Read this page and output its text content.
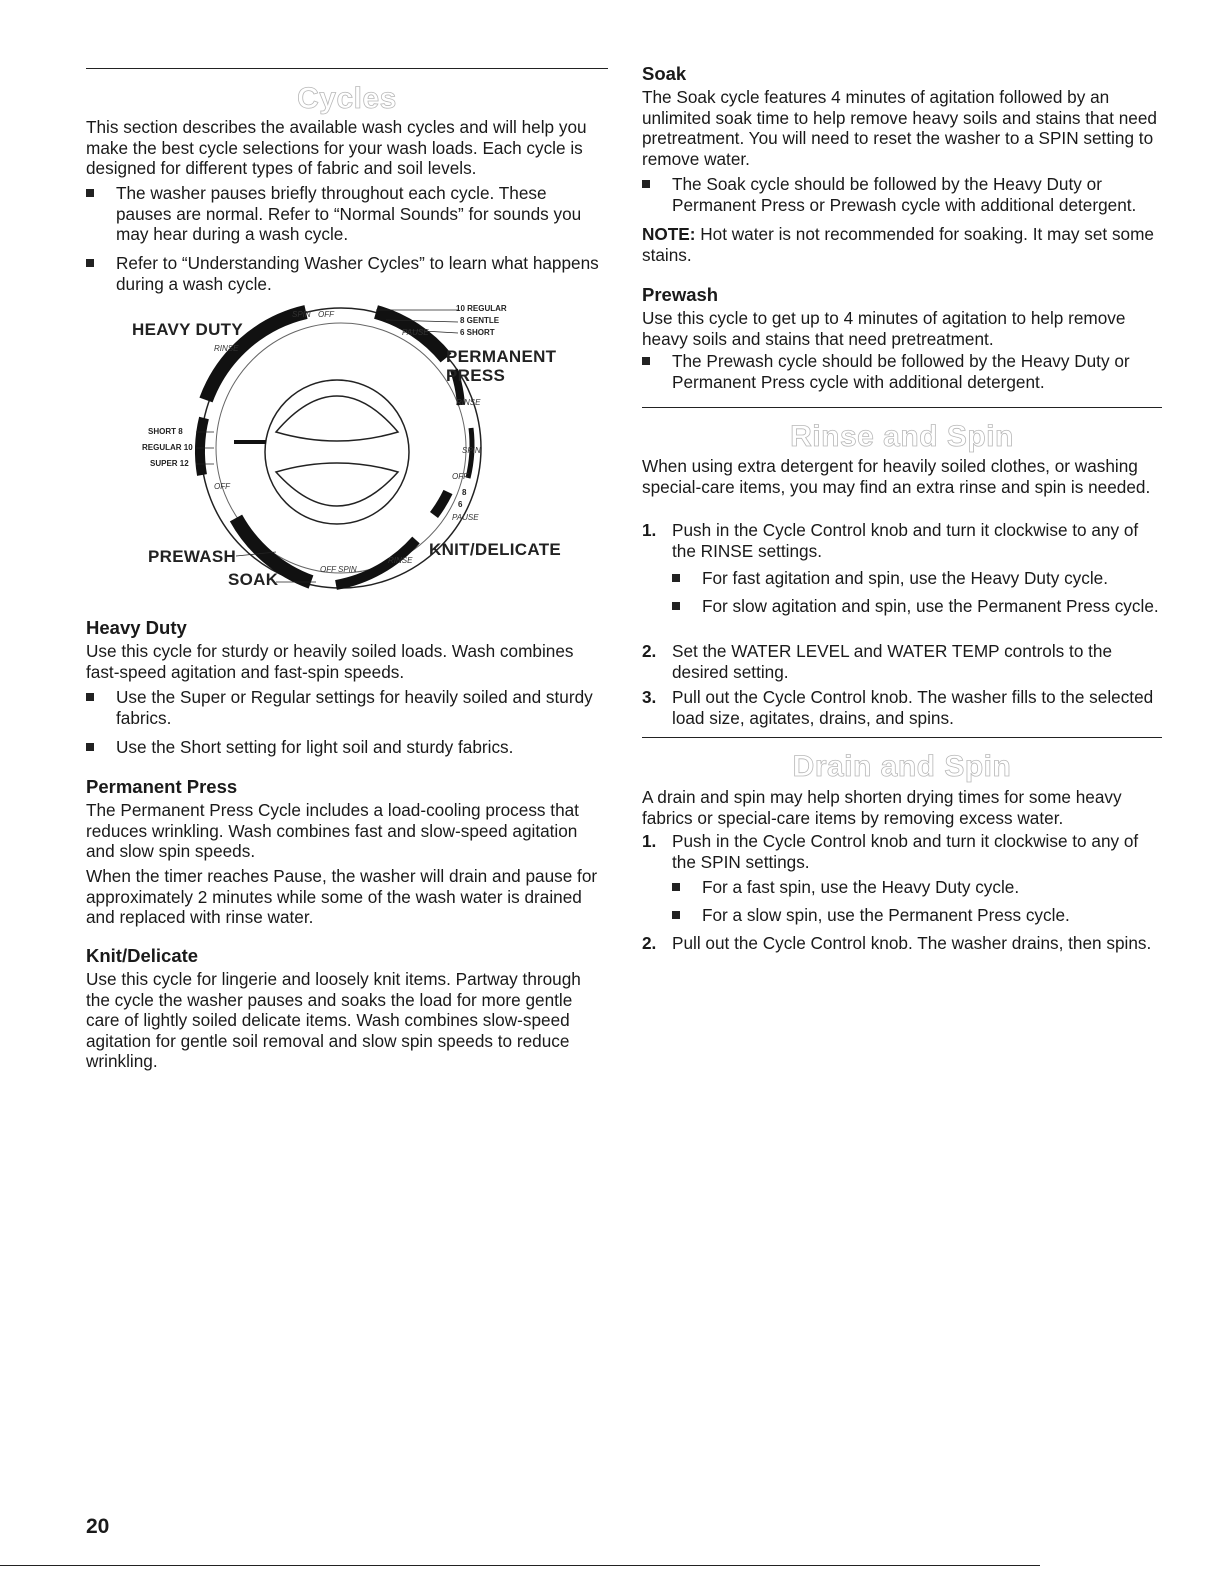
Cycles

This section describes the available wash cycles and will help you make the best cycle selections for your wash loads. Each cycle is designed for different types of fabric and soil levels.

The washer pauses briefly throughout each cycle. These pauses are normal. Refer to “Normal Sounds” for sounds you may hear during a wash cycle.
Refer to “Understanding Washer Cycles” to learn what happens during a wash cycle.
HEAVY DUTY
PERMANENT PRESS
PREWASH
SOAK
KNIT/DELICATE
10 REGULAR
8 GENTLE
6 SHORT
SHORT 8
REGULAR 10
SUPER 12
SPIN OFF
PAUSE
RINSE
RINSE
SPIN
OFF
OFF
8
6
PAUSE
OFF SPIN
RINSE
Heavy Duty

Use this cycle for sturdy or heavily soiled loads. Wash combines fast-speed agitation and fast-spin speeds.

Use the Super or Regular settings for heavily soiled and sturdy fabrics.
Use the Short setting for light soil and sturdy fabrics.
Permanent Press

The Permanent Press Cycle includes a load-cooling process that reduces wrinkling. Wash combines fast and slow-speed agitation and slow spin speeds.

When the timer reaches Pause, the washer will drain and pause for approximately 2 minutes while some of the wash water is drained and replaced with rinse water.

Knit/Delicate

Use this cycle for lingerie and loosely knit items. Partway through the cycle the washer pauses and soaks the load for more gentle care of lightly soiled delicate items. Wash combines slow-speed agitation for gentle soil removal and slow spin speeds to reduce wrinkling.

Soak

The Soak cycle features 4 minutes of agitation followed by an unlimited soak time to help remove heavy soils and stains that need pretreatment. You will need to reset the washer to a SPIN setting to remove water.

The Soak cycle should be followed by the Heavy Duty or Permanent Press or Prewash cycle with additional detergent.

NOTE: Hot water is not recommended for soaking. It may set some stains.

Prewash

Use this cycle to get up to 4 minutes of agitation to help remove heavy soils and stains that need pretreatment.

The Prewash cycle should be followed by the Heavy Duty or Permanent Press cycle with additional detergent.
Rinse and Spin

When using extra detergent for heavily soiled clothes, or washing special-care items, you may find an extra rinse and spin is needed.

1. Push in the Cycle Control knob and turn it clockwise to any of the RINSE settings.
For fast agitation and spin, use the Heavy Duty cycle.
For slow agitation and spin, use the Permanent Press cycle.
2. Set the WATER LEVEL and WATER TEMP controls to the desired setting.
3. Pull out the Cycle Control knob. The washer fills to the selected load size, agitates, drains, and spins.
Drain and Spin

A drain and spin may help shorten drying times for some heavy fabrics or special-care items by removing excess water.

1. Push in the Cycle Control knob and turn it clockwise to any of the SPIN settings.
For a fast spin, use the Heavy Duty cycle.
For a slow spin, use the Permanent Press cycle.
2. Pull out the Cycle Control knob. The washer drains, then spins.
20
